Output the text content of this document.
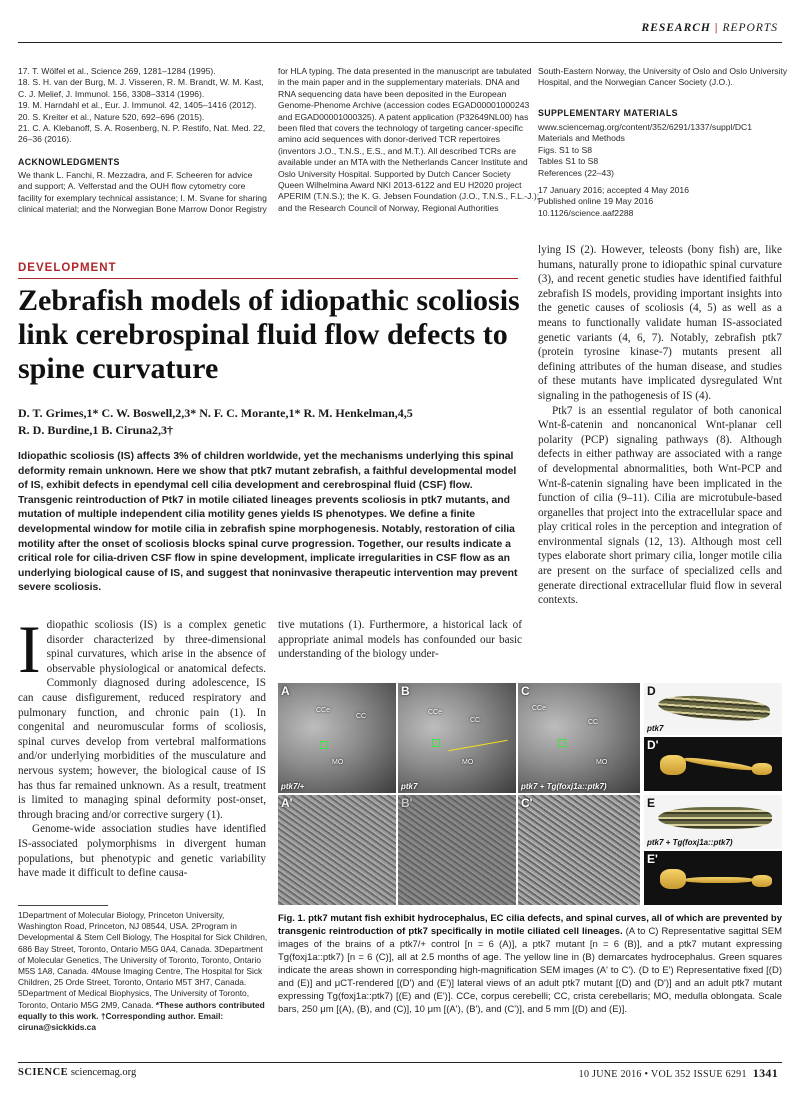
RESEARCH | REPORTS
17. T. Wölfel et al., Science 269, 1281–1284 (1995).
18. S. H. van der Burg, M. J. Visseren, R. M. Brandt, W. M. Kast,
C. J. Melief, J. Immunol. 156, 3308–3314 (1996).
19. M. Harndahl et al., Eur. J. Immunol. 42, 1405–1416 (2012).
20. S. Kreiter et al., Nature 520, 692–696 (2015).
21. C. A. Klebanoff, S. A. Rosenberg, N. P. Restifo, Nat. Med. 22,
26–36 (2016).
ACKNOWLEDGMENTS
We thank L. Fanchi, R. Mezzadra, and F. Scheeren for advice
and support; A. Velferstad and the OUH flow cytometry core
facility for exemplary technical assistance; I. M. Svane for sharing
clinical material; and the Norwegian Bone Marrow Donor Registry
for HLA typing. The data presented in the manuscript are tabulated
in the main paper and in the supplementary materials. DNA and
RNA sequencing data have been deposited in the European
Genome-Phenome Archive (accession codes EGAD00001000243
and EGAD00001000325). A patent application (P32649NL00) has
been filed that covers the technology of targeting cancer-specific
amino acid sequences with donor-derived TCR repertoires
(inventors J.O., T.N.S., E.S., and M.T.). All described TCRs are
available under an MTA with the Netherlands Cancer Institute and
Oslo University Hospital. Supported by Dutch Cancer Society
Queen Wilhelmina Award NKI 2013-6122 and EU H2020 project
APERIM (T.N.S.); the K. G. Jebsen Foundation (J.O., T.N.S., F.L.-J.);
and the Research Council of Norway, Regional Authorities
South-Eastern Norway, the University of Oslo and Oslo University
Hospital, and the Norwegian Cancer Society (J.O.).
SUPPLEMENTARY MATERIALS
www.sciencemag.org/content/352/6291/1337/suppl/DC1
Materials and Methods
Figs. S1 to S8
Tables S1 to S8
References (22–43)
17 January 2016; accepted 4 May 2016
Published online 19 May 2016
10.1126/science.aaf2288
DEVELOPMENT
Zebrafish models of idiopathic scoliosis link cerebrospinal fluid flow defects to spine curvature
D. T. Grimes,1* C. W. Boswell,2,3* N. F. C. Morante,1* R. M. Henkelman,4,5
R. D. Burdine,1 B. Ciruna2,3†
Idiopathic scoliosis (IS) affects 3% of children worldwide, yet the mechanisms underlying this spinal deformity remain unknown. Here we show that ptk7 mutant zebrafish, a faithful developmental model of IS, exhibit defects in ependymal cell cilia development and cerebrospinal fluid (CSF) flow. Transgenic reintroduction of Ptk7 in motile ciliated lineages prevents scoliosis in ptk7 mutants, and mutation of multiple independent cilia motility genes yields IS phenotypes. We define a finite developmental window for motile cilia in zebrafish spine morphogenesis. Notably, restoration of cilia motility after the onset of scoliosis blocks spinal curve progression. Together, our results indicate a critical role for cilia-driven CSF flow in spine development, implicate irregularities in CSF flow as an underlying biological cause of IS, and suggest that noninvasive therapeutic intervention may prevent severe scoliosis.

Idiopathic scoliosis (IS) is a complex genetic disorder characterized by three-dimensional spinal curvatures, which arise in the absence of observable physiological or anatomical defects. Commonly diagnosed during adolescence, IS can cause disfigurement, reduced respiratory and pulmonary function, and chronic pain (1). In congenital and neuromuscular forms of scoliosis, spinal curves develop from vertebral malformations and/or underlying morbidities of the musculature and nervous system; however, the biological cause of IS has thus far remained unknown. As a result, treatment is limited to managing spinal deformity post-onset, through bracing and/or corrective surgery (1).

Genome-wide association studies have identified IS-associated polymorphisms in divergent human populations, but phenotypic and genetic variability have made it difficult to define causa-

tive mutations (1). Furthermore, a historical lack of appropriate animal models has confounded our basic understanding of the biology under-

lying IS (2). However, teleosts (bony fish) are, like humans, naturally prone to idiopathic spinal curvature (3), and recent genetic studies have identified faithful zebrafish IS models, providing important insights into the genetic causes of scoliosis (4, 5) as well as a means to functionally validate human IS-associated genetic variants (4, 6, 7). Notably, zebrafish ptk7 (protein tyrosine kinase-7) mutants present all defining attributes of the human disease, and studies of these mutants have implicated dysregulated Wnt signaling in the pathogenesis of IS (4).

Ptk7 is an essential regulator of both canonical Wnt-ß-catenin and noncanonical Wnt-planar cell polarity (PCP) signaling pathways (8). Although defects in either pathway are associated with a range of developmental abnormalities, both Wnt-PCP and Wnt-ß-catenin signaling have been implicated in the function of cilia (9–11). Cilia are microtubule-based organelles that project into the extracellular space and play critical roles in the perception and integration of environmental signals (12, 13). Although most cell types elaborate short primary cilia, longer motile cilia are present on the surface of specialized cells and generate directional extracellular fluid flow in several contexts.

A
CCe
CC
MO
ptk7/+
B
CCe
CC
MO
ptk7
C
CCe
CC
MO
ptk7 + Tg(foxj1a::ptk7)
A'	B'	C'
D
ptk7
D'
E
ptk7 + Tg(foxj1a::ptk7)
E'
Fig. 1. ptk7 mutant fish exhibit hydrocephalus, EC cilia defects, and spinal curves, all of which are prevented by transgenic reintroduction of ptk7 specifically in motile ciliated cell lineages. (A to C) Representative sagittal SEM images of the brains of a ptk7/+ control [n = 6 (A)], a ptk7 mutant [n = 6 (B)], and a ptk7 mutant expressing Tg(foxj1a::ptk7) [n = 6 (C)], all at 2.5 months of age. The yellow line in (B) demarcates hydrocephalus. Green squares indicate the areas shown in corresponding high-magnification SEM images (A' to C'). (D to E') Representative fixed [(D) and (E)] and μCT-rendered [(D') and (E')] lateral views of an adult ptk7 mutant [(D) and (D')] and an adult ptk7 mutant expressing Tg(foxj1a::ptk7) [(E) and (E')]. CCe, corpus cerebelli; CC, crista cerebellaris; MO, medulla oblongata. Scale bars, 250 μm [(A), (B), and (C)], 10 μm [(A'), (B'), and (C')], and 5 mm [(D) and (E)].
1Department of Molecular Biology, Princeton University, Washington Road, Princeton, NJ 08544, USA. 2Program in Developmental & Stem Cell Biology, The Hospital for Sick Children, 686 Bay Street, Toronto, Ontario M5G 0A4, Canada. 3Department of Molecular Genetics, The University of Toronto, Toronto, Ontario M5S 1A8, Canada. 4Mouse Imaging Centre, The Hospital for Sick Children, 25 Orde Street, Toronto, Ontario M5T 3H7, Canada. 5Department of Medical Biophysics, The University of Toronto, Toronto, Ontario M5G 2M9, Canada. *These authors contributed equally to this work. †Corresponding author. Email: ciruna@sickkids.ca
SCIENCE sciencemag.org	10 JUNE 2016 • VOL 352 ISSUE 6291 1341
